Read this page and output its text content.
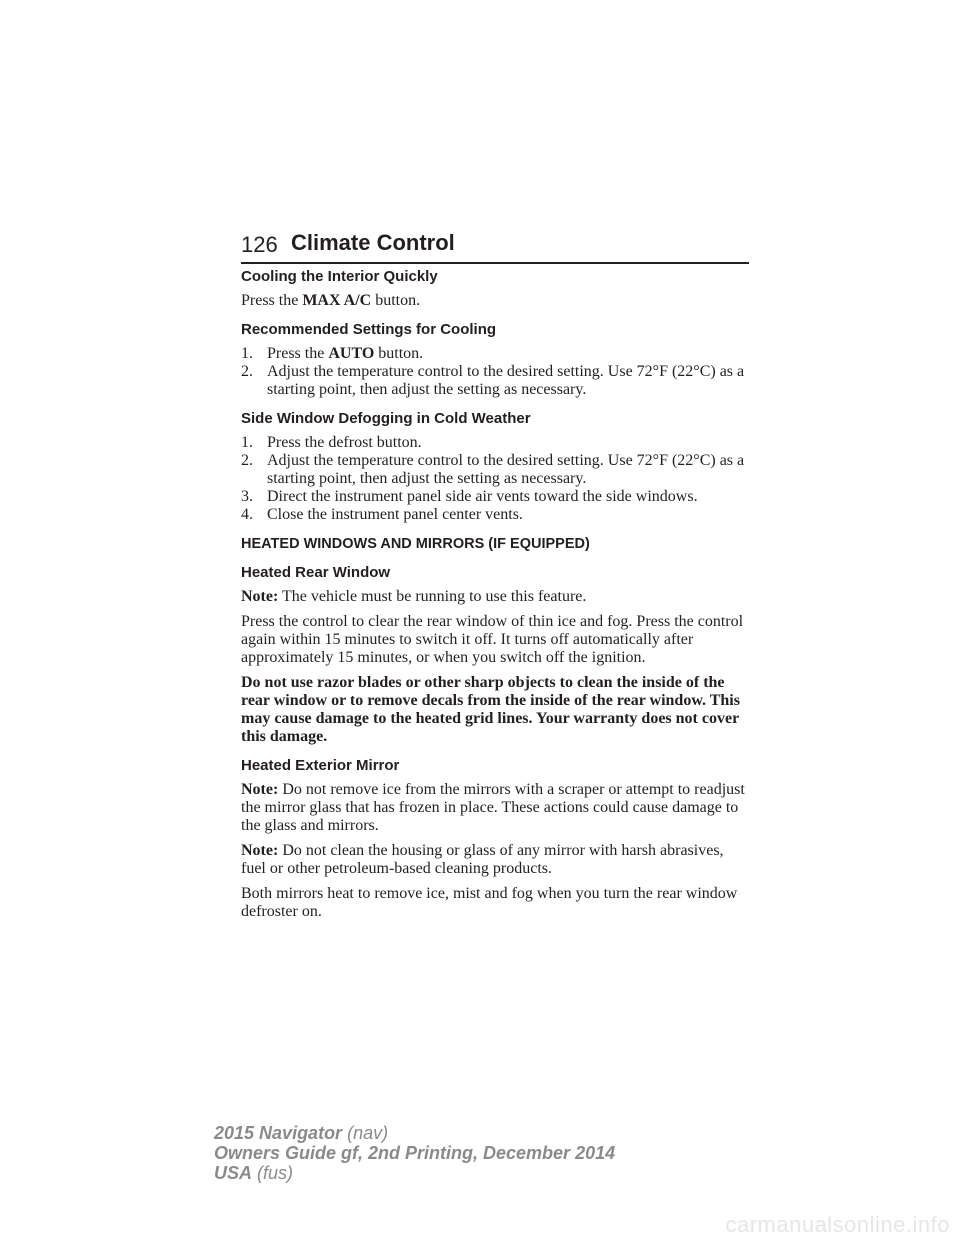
126 Climate Control
Cooling the Interior Quickly

Press the MAX A/C button.

Recommended Settings for Cooling
1. Press the AUTO button.
2. Adjust the temperature control to the desired setting. Use 72°F (22°C) as a starting point, then adjust the setting as necessary.
Side Window Defogging in Cold Weather
1. Press the defrost button.
2. Adjust the temperature control to the desired setting. Use 72°F (22°C) as a starting point, then adjust the setting as necessary.
3. Direct the instrument panel side air vents toward the side windows.
4. Close the instrument panel center vents.
HEATED WINDOWS AND MIRRORS (IF EQUIPPED)
Heated Rear Window

Note: The vehicle must be running to use this feature.

Press the control to clear the rear window of thin ice and fog. Press the control again within 15 minutes to switch it off. It turns off automatically after approximately 15 minutes, or when you switch off the ignition.

Do not use razor blades or other sharp objects to clean the inside of the rear window or to remove decals from the inside of the rear window. This may cause damage to the heated grid lines. Your warranty does not cover this damage.

Heated Exterior Mirror

Note: Do not remove ice from the mirrors with a scraper or attempt to readjust the mirror glass that has frozen in place. These actions could cause damage to the glass and mirrors.

Note: Do not clean the housing or glass of any mirror with harsh abrasives, fuel or other petroleum-based cleaning products.

Both mirrors heat to remove ice, mist and fog when you turn the rear window defroster on.

2015 Navigator (nav)
Owners Guide gf, 2nd Printing, December 2014
USA (fus)
carmanualsonline.info
